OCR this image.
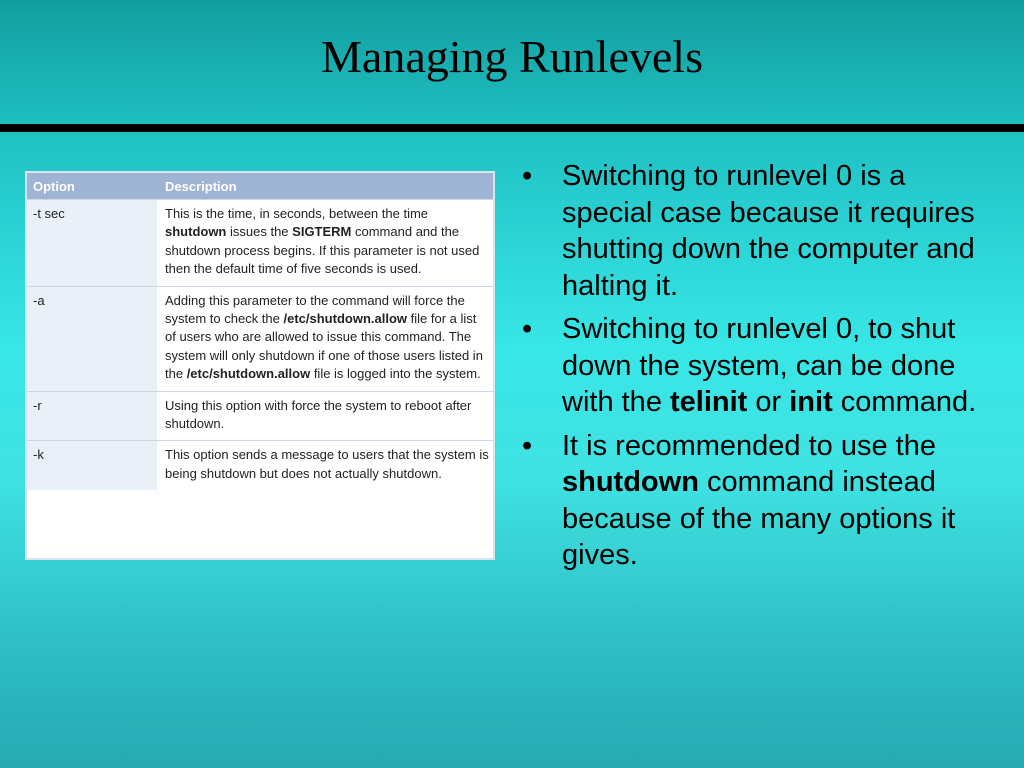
Managing Runlevels
Option	Description
-t sec	This is the time, in seconds, between the time shutdown issues the SIGTERM command and the shutdown process begins. If this parameter is not used then the default time of five seconds is used.
-a	Adding this parameter to the command will force the system to check the /etc/shutdown.allow file for a list of users who are allowed to issue this command. The system will only shutdown if one of those users listed in the /etc/shutdown.allow file is logged into the system.
-r	Using this option with force the system to reboot after shutdown.
-k	This option sends a message to users that the system is being shutdown but does not actually shutdown.
• Switching to runlevel 0 is a special case because it requires shutting down the computer and halting it.
• Switching to runlevel 0, to shut down the system, can be done with the telinit or init command.
• It is recommended to use the shutdown command instead because of the many options it gives.
